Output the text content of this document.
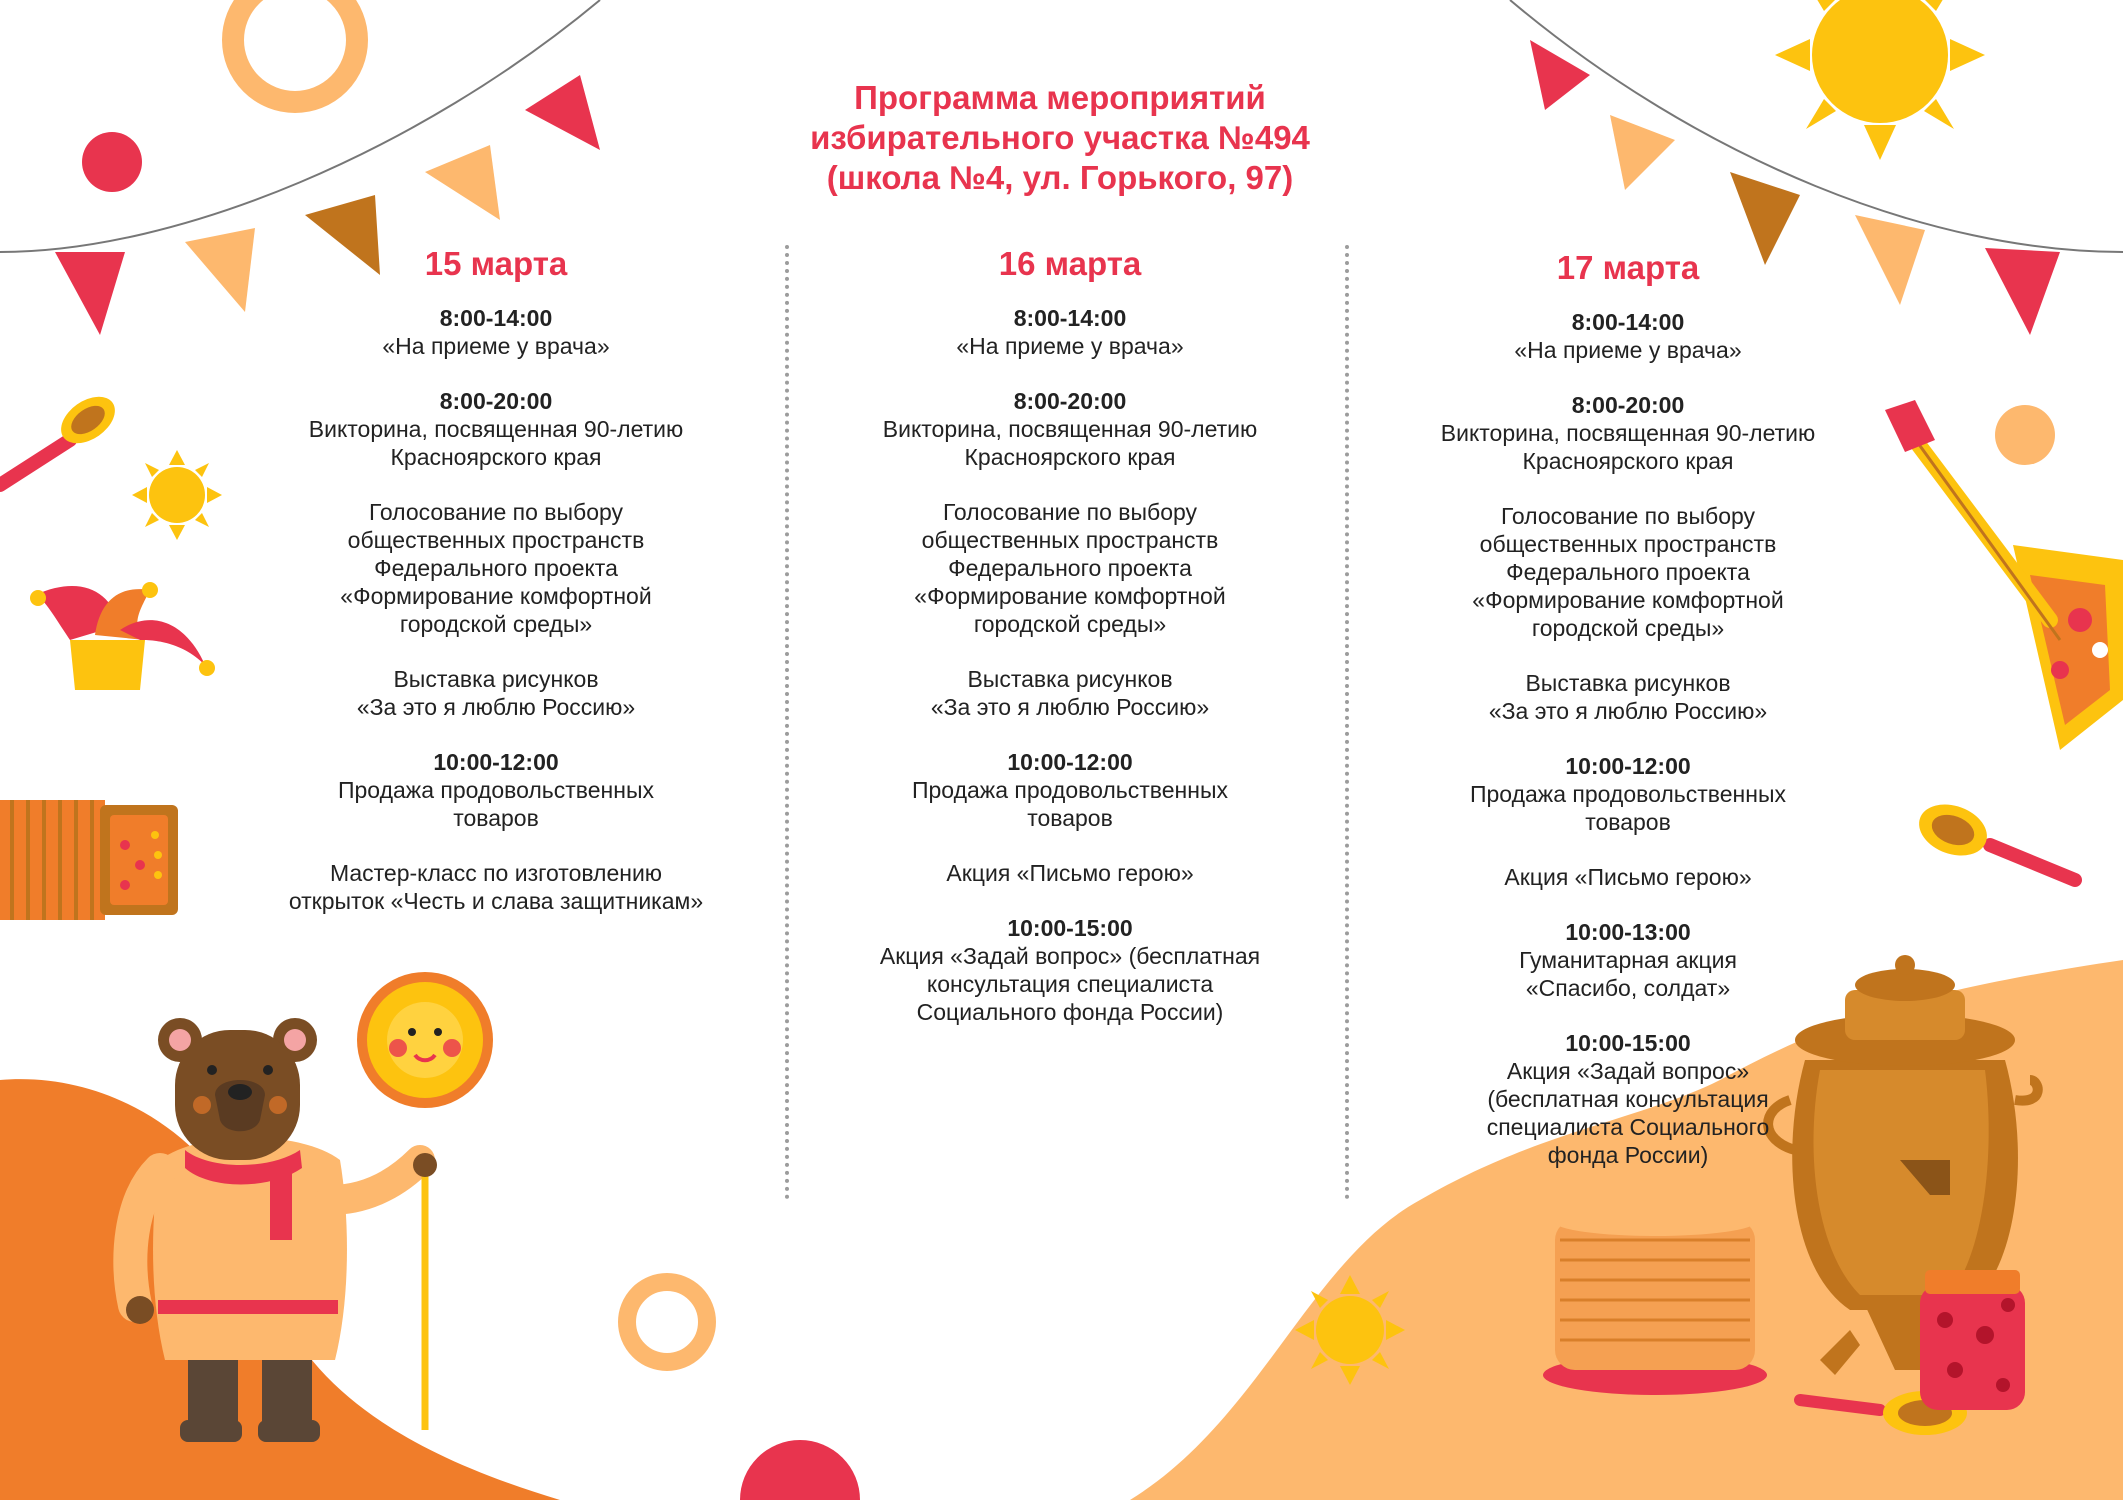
Программа мероприятий
избирательного участка №494
(школа №4, ул. Горького, 97)
15 марта
8:00-14:00
«На приеме у врача»
8:00-20:00
Викторина, посвященная 90-летию
Красноярского края
Голосование по выбору
общественных пространств
Федерального проекта
«Формирование комфортной
городской среды»
Выставка рисунков
«За это я люблю Россию»
10:00-12:00
Продажа продовольственных
товаров
Мастер-класс по изготовлению
открыток «Честь и слава защитникам»
16 марта
8:00-14:00
«На приеме у врача»
8:00-20:00
Викторина, посвященная 90-летию
Красноярского края
Голосование по выбору
общественных пространств
Федерального проекта
«Формирование комфортной
городской среды»
Выставка рисунков
«За это я люблю Россию»
10:00-12:00
Продажа продовольственных
товаров
Акция «Письмо герою»
10:00-15:00
Акция «Задай вопрос» (бесплатная
консультация специалиста
Социального фонда России)
17 марта
8:00-14:00
«На приеме у врача»
8:00-20:00
Викторина, посвященная 90-летию
Красноярского края
Голосование по выбору
общественных пространств
Федерального проекта
«Формирование комфортной
городской среды»
Выставка рисунков
«За это я люблю Россию»
10:00-12:00
Продажа продовольственных
товаров
Акция «Письмо герою»
10:00-13:00
Гуманитарная акция
«Спасибо, солдат»
10:00-15:00
Акция «Задай вопрос»
(бесплатная консультация
специалиста Социального
фонда России)
